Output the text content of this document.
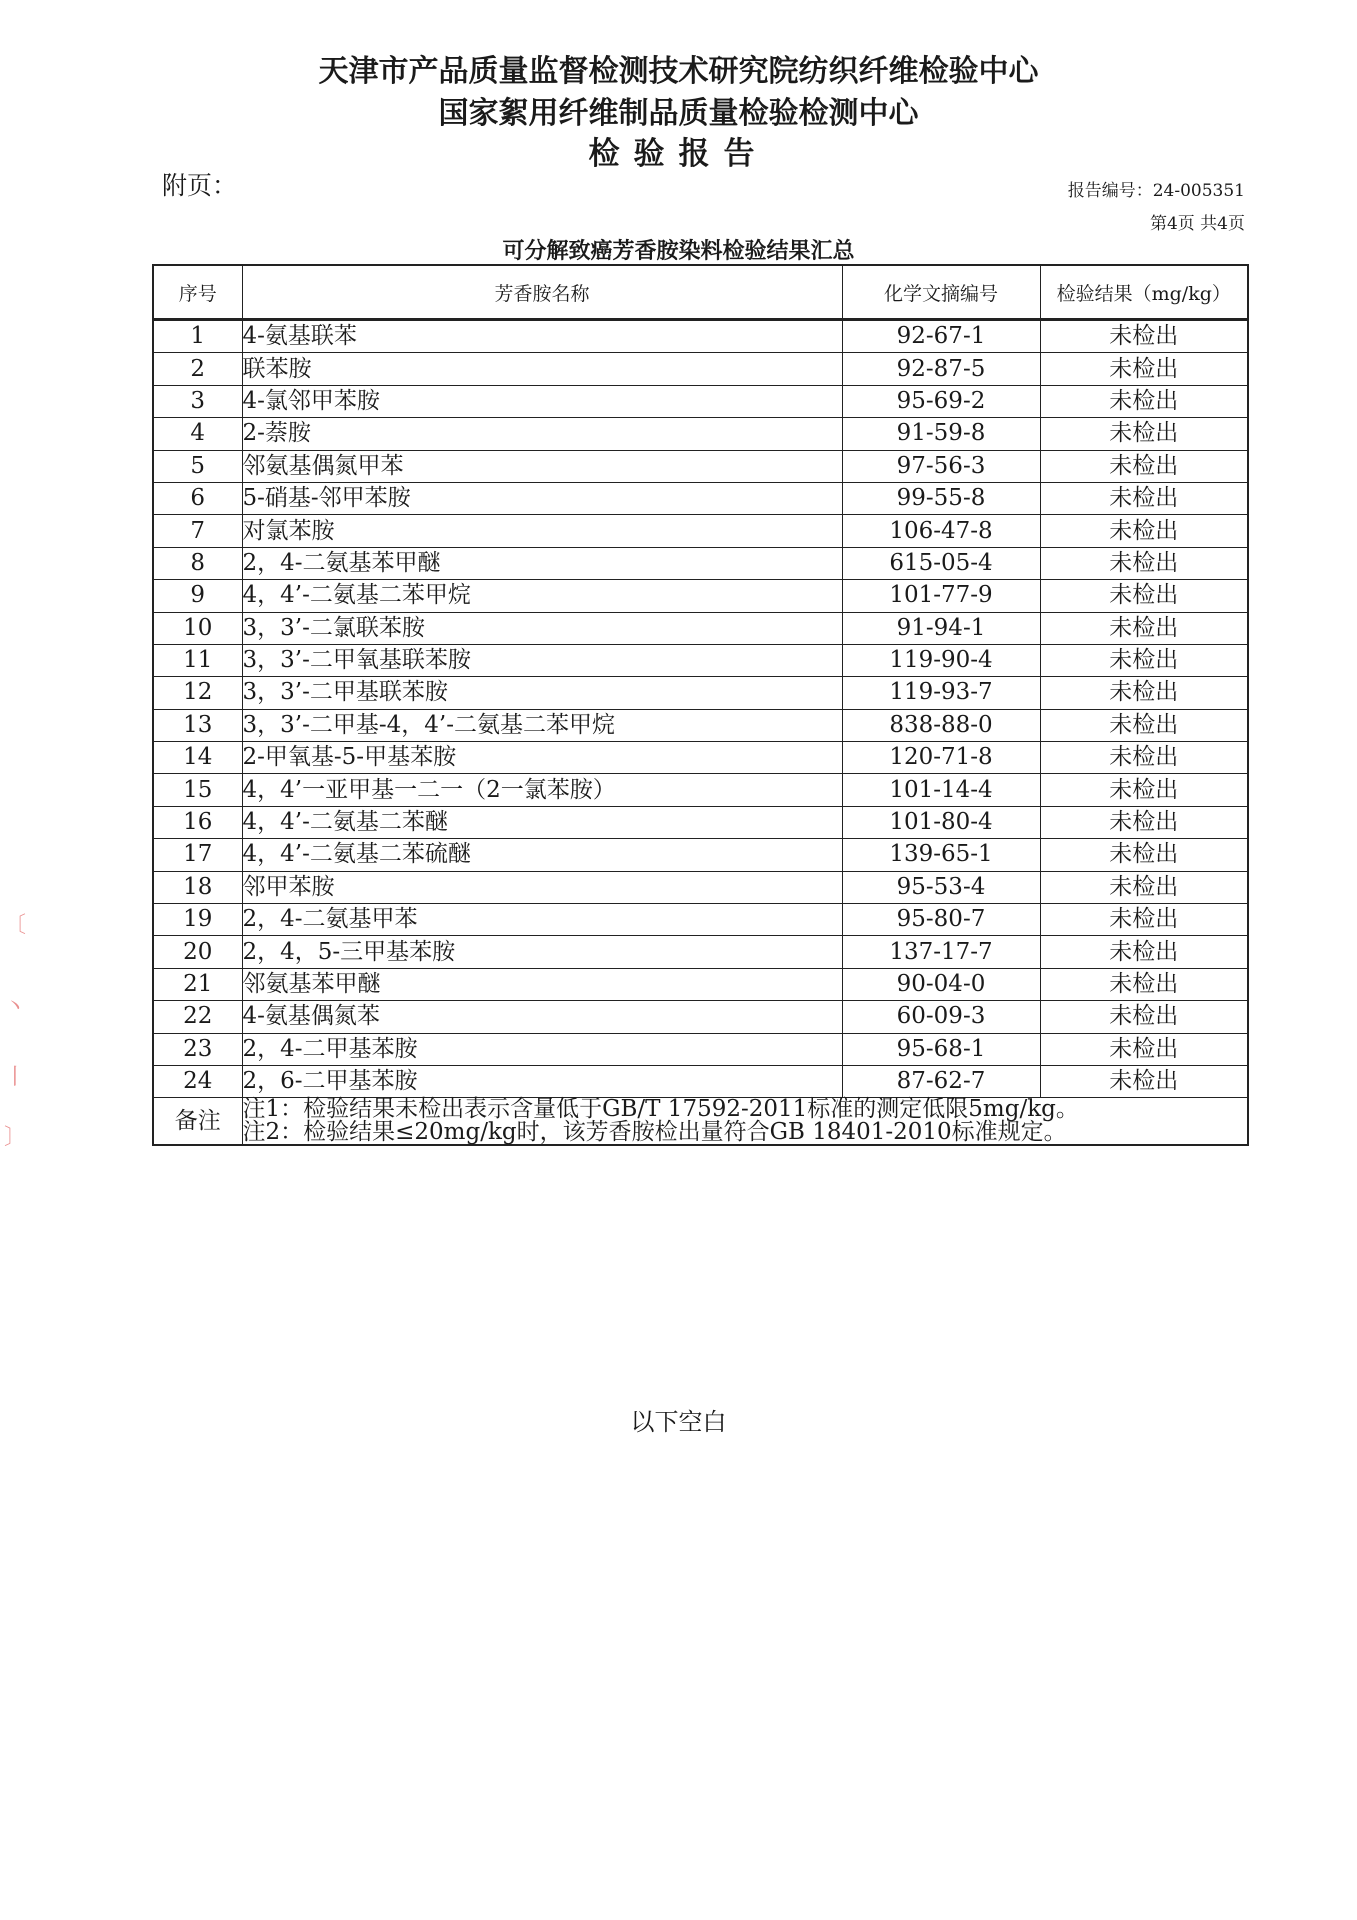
天津市产品质量监督检测技术研究院纺织纤维检验中心
国家絮用纤维制品质量检验检测中心
检验报告
附页：	报告编号：24-005351
第4页 共4页
可分解致癌芳香胺染料检验结果汇总
序号	芳香胺名称	化学文摘编号	检验结果（mg/kg）
1	4-氨基联苯	92-67-1	未检出
2	联苯胺	92-87-5	未检出
3	4-氯邻甲苯胺	95-69-2	未检出
4	2-萘胺	91-59-8	未检出
5	邻氨基偶氮甲苯	97-56-3	未检出
6	5-硝基-邻甲苯胺	99-55-8	未检出
7	对氯苯胺	106-47-8	未检出
8	2，4-二氨基苯甲醚	615-05-4	未检出
9	4，4’-二氨基二苯甲烷	101-77-9	未检出
10	3，3’-二氯联苯胺	91-94-1	未检出
11	3，3’-二甲氧基联苯胺	119-90-4	未检出
12	3，3’-二甲基联苯胺	119-93-7	未检出
13	3，3’-二甲基-4，4’-二氨基二苯甲烷	838-88-0	未检出
14	2-甲氧基-5-甲基苯胺	120-71-8	未检出
15	4，4’一亚甲基一二一（2一氯苯胺）	101-14-4	未检出
16	4，4’-二氨基二苯醚	101-80-4	未检出
17	4，4’-二氨基二苯硫醚	139-65-1	未检出
18	邻甲苯胺	95-53-4	未检出
19	2，4-二氨基甲苯	95-80-7	未检出
20	2，4，5-三甲基苯胺	137-17-7	未检出
21	邻氨基苯甲醚	90-04-0	未检出
22	4-氨基偶氮苯	60-09-3	未检出
23	2，4-二甲基苯胺	95-68-1	未检出
24	2，6-二甲基苯胺	87-62-7	未检出
备注	注1：检验结果未检出表示含量低于GB/T 17592-2011标准的测定低限5mg/kg。
注2：检验结果≤20mg/kg时，该芳香胺检出量符合GB 18401-2010标准规定。		
以下空白
〔
丶
丨
〕
